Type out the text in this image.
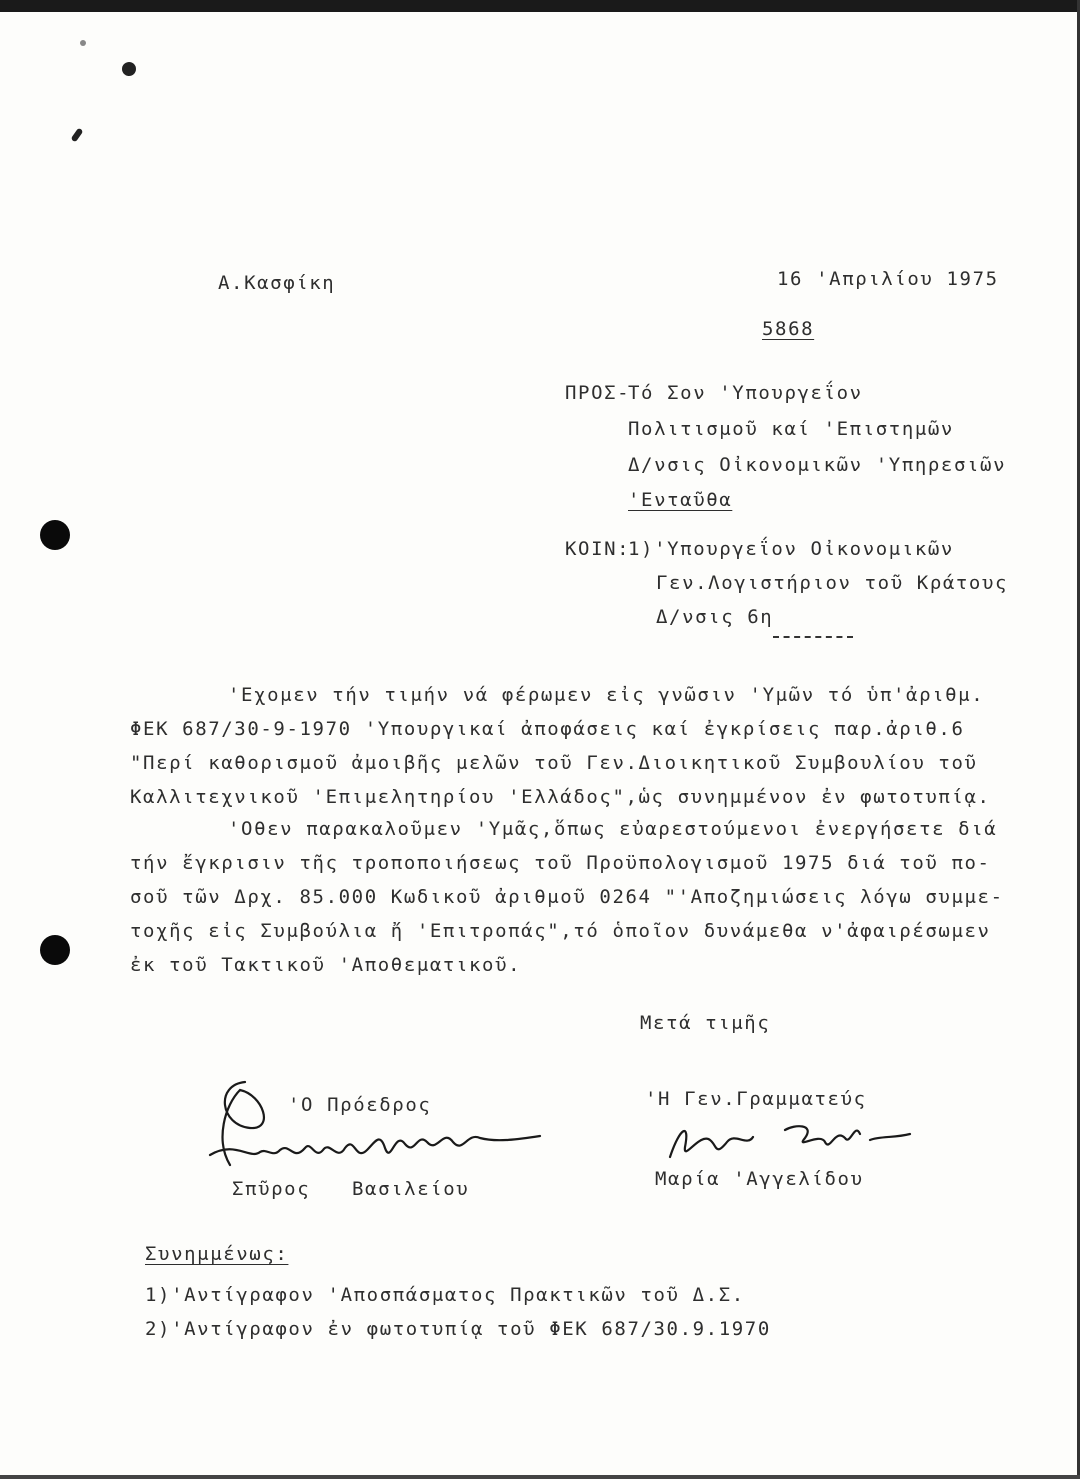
Α.Κασφίκη	16 'Απριλίου 1975
5868
ΠΡΟΣ-
Τό Σον 'Υπουργεΐον
Πολιτισμοῦ καί 'Επιστημῶν
Δ/νσις Οἰκονομικῶν 'Υπηρεσιῶν
'Ενταῦθα
ΚΟΙΝ:
1)'Υπουργεΐον Οἰκονομικῶν
Γεν.Λογιστήριον τοῦ Κράτους
Δ/νσις 6η
'Εχομεν τήν τιμήν νά φέρωμεν εἰς γνῶσιν 'Υμῶν τό ὑπ'ἀριθμ.
ΦΕΚ 687/30-9-1970 'Υπουργικαί ἀποφάσεις καί ἐγκρίσεις παρ.ἀριθ.6
"Περί καθορισμοῦ ἀμοιβῆς μελῶν τοῦ Γεν.Διοικητικοῦ Συμβουλίου τοῦ
Καλλιτεχνικοῦ 'Επιμελητηρίου 'Ελλάδος",ὡς συνημμένον ἐν φωτοτυπίᾳ.
'Οθεν παρακαλοῦμεν 'Υμᾶς,ὅπως εὐαρεστούμενοι ἐνεργήσετε διά
τήν ἔγκρισιν τῆς τροποποιήσεως τοῦ Προϋπολογισμοῦ 1975 διά τοῦ πο-
σοῦ τῶν Δρχ. 85.000 Κωδικοῦ ἀριθμοῦ 0264 "'Αποζημιώσεις λόγω συμμε-
τοχῆς εἰς Συμβούλια ἤ 'Επιτροπάς",τό ὁποῖον δυνάμεθα ν'ἀφαιρέσωμεν
ἐκ τοῦ Τακτικοῦ 'Αποθεματικοῦ.
Μετά τιμῆς
'Ο Πρόεδρος	'Η Γεν.Γραμματεύς
Σπῦρος Βασιλείου	Μαρία 'Αγγελίδου
Συνημμένως:
1)'Αντίγραφον 'Αποσπάσματος Πρακτικῶν τοῦ Δ.Σ.
2)'Αντίγραφον ἐν φωτοτυπίᾳ τοῦ ΦΕΚ 687/30.9.1970
